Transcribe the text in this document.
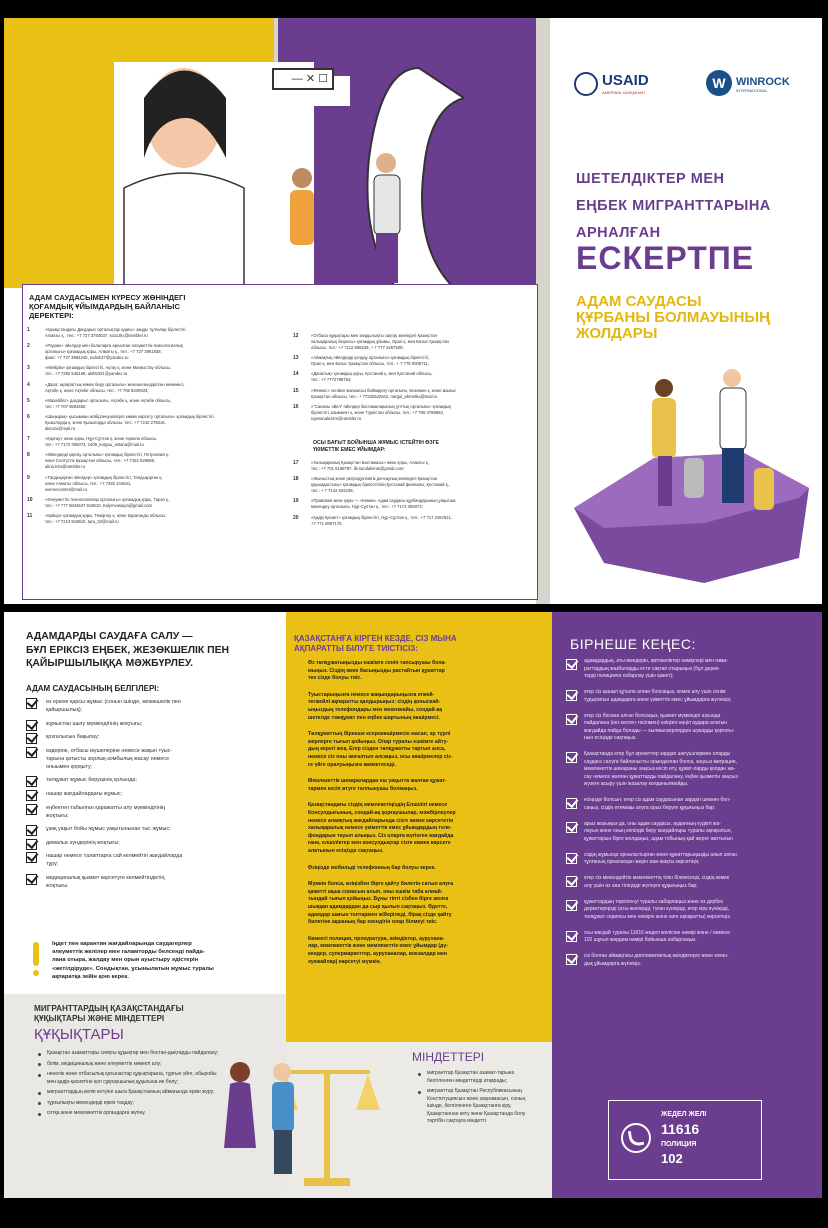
— ✕ ☐	USAID
АМЕРИКА ХАЛҚЫНАН
W WINROCK
INTERNATIONAL
ШЕТЕЛДІКТЕР МЕН
ЕҢБЕК МИГРАНТТАРЫНА
АРНАЛҒАН
ЕСКЕРТПЕ
АДАМ САУДАСЫ
ҚҰРБАНЫ БОЛМАУЫНЫҢ
ЖОЛДАРЫ
АДАМ САУДАСЫМЕН КҮРЕСУ ЖӨНІНДЕГІ
ҚОҒАМДЫҚ ҰЙЫМДАРДЫҢ БАЙЛАНЫС
ДЕРЕКТЕРІ:
1	«Қазақстандағы Дағдарыс орталықтар одағы» заңды тұлғалар бірлестігі.
Алматы қ., тел.: +7 727 3764037, sozuzkc@rambler.ru
2	«Родник» әйелдер мен балаларға арналған әлеуметтік-психологиялық
орталығы» қоғамдық қоры, Алматы қ., тел.: +7 727 3961938,
факс: +7 727 3964240, rodnik27@yandex.ru
3	«Мейірім» қоғамдық бірлестігі, Ақтау қ. және Маңғыстау облысы,
тел.: +7 7292 545168, alsh5331@yandex.ru
4	«Дара: ақпараттық көмек беру орталығы» жекешелендірілген мекемесі,
Ақтөбе қ. және Ақтөбе облысы, тел.: +7 705 8200933;
5	«Махаббат» дағдарыс орталығы, Ақтөбе қ. және Ақтөбе облысы,
тел.: +7 707 9863460;
6	«Шаңырақ» қысымнан жәбірленушілерге көмек көрсету орталығы» қоғамдық бірлестігі,
Қызылорда қ. және Қызылорда облысы, тел.: +7 7242 278316,
aksuzu@mail.ru
7	«Қорғау» жеке қоры, Нұр-Сұлтан қ. және Ақмола облысы,
тел.: +7 7172 306073, 1409_korgau_astana@mail.ru
8	«Әйелдерді қорғау орталығы» қоғамдық бірлестігі, Петропавл қ.
және Солтүстік Қазақстан облысы, тел.: +7 7152 529886,
alina.trim@rambler.ru
9	«Талдықорған әйелдер» қоғамдық бірлестігі, Талдықорған қ.
және Алматы облысы, тел.: +7 7282 244631,
womencenter@mail.ru
10	«Әлеуметтік технологиялар орталығы» қоғамдық қоры, Тараз қ.,
тел.: +7 777 6844647 919610, Kalymvasaiya@gmail.com
11	«Қайыр» қоғамдық қоры, Теміртау қ. және Қарағанды облысы,
тел.: +7 7213 919610, tara_32@mail.ru
12	«Отбасы құқықтары мен заңдылықты сақтау жөніндегі Қазақстан
халықаралық бюросы» қоғамдық ұйымы, Орал қ. мен Батыс Қазақстан
облысы, тел.: +7 7112 508229, + 7 777 2467500;
13	«Аймақтық әйелдерді қолдау орталығы» қоғамдық бірлестігі,
Орал қ. мен Батыс Қазақстан облысы, тел.: + 7 778 0008711;
14	«Даналық» қоғамдық қоры, Қостанай қ. мен Қостанай облысы,
тел.: +7 7772788754;
15	«Феникс» сенімге жағымсыз бейімделу орталығы, Өскемен қ. және Шығыс
Қазақстан облысы, тел.: + 77232522942, nargul_ahmetka@mail.ru
16	«"Саналы әйел" әйелдер бастамаларының ұлттық орталығы» қоғамдық
бірлестігі, Шымкент қ. және Түркістан облысы, тел.: +7 708 4789663,
ngosanaleszm@rambler.ru
ОСЫ БАҒЫТ БОЙЫНША ЖҰМЫС ІСТЕЙТІН ӨЗГЕ
ҮКІМЕТТІК ЕМЕС ҰЙЫМДАР:
17	«Халықаралық Қазақстан Бастамасы» жеке қоры, Алматы қ.,
тел.: +7 701 5168787, ilk.sundalients@gmail.com;
18	«Жыныстық және репродуктивтік денсаулық жөніндегі Қазақстан
қауымдастығы» қоғамдық бірлестігінің Қостанай филиалы, Қостанай қ.,
тел.: + 7 7142 532235;
19	«Правовая жеке қоры — «Кемек» Адам саудасы құрбандарының уақытша
мекендеу орталығы, Нұр-Сұлтан қ., тел.: +7 7172 306073;
20	«Қадір Қасиет» қоғамдық бірлестігі, Нұр-Сұлтан қ., тел.: +7 717 2457621,
+7 771 9997170.
АДАМДАРДЫ САУДАҒА САЛУ —
БҰЛ ЕРІКСІЗ ЕҢБЕК, ЖЕЗӨКШЕЛІК ПЕН
ҚАЙЫРШЫЛЫҚҚА МӘЖБҮРЛЕУ.
АДАМ САУДАСЫНЫҢ БЕЛГІЛЕРІ:
өз еркіне қарсы жұмыс (сонын ішінде, жезөкшелік пен
қайыршылық);
жұмыстан шығу мүмкіндігінің жоқтығы;
қозғалысын бақылау;
өздеріне, отбасы мүшелеріне немесе жақын туыс-
тарына қатысты зорлық-зомбылық жасау немесе
оныымен қорқыту;
төлқұжат жұмыс берушінің қолында;
нашар жағдайлардағы жұмыс;
еңбектен табылған қаражатты алу мүмкіндігінің
жоқтығы;
ұзақ уақыт бойы жұмыс уақытынынан тыс жұмыс;
демалыс күндерінің жоқтығы;
нашар немесе талаптарға сай келмейтін жағдайларда
тұру;
медициналық қызмет көрсетуге келмейтіндіктің
жоқтығы.
Іңдет пен карантин жағдайларында саудагерлер
әлеуметтік желілер мен галамторды белсенді пайда-
лана отыра, жалдау мен орын ауыстыру әдістерін
«жетілдіруде». Сондықтан, ұсынылатын жұмыс туралы
ақпаратқа зейін қою керек.
МИГРАНТТАРДЫҢ ҚАЗАҚСТАНДАҒЫ
ҚҰҚЫҚТАРЫ ЖӘНЕ МІНДЕТТЕРІ
ҚҰҚЫҚТАРЫ
Қазақстан азаматтары сияқты құқықтар мен бостан-дықтарды пайдалану;
білім, медициналық және әлеуметтік көмекті алу;
ненелік және отбасылық қатынастар құқықтарына, тұрғын үйге, абыройы мен қадір-қасиетіне қол сұқпаушылық құқығына ие болу;
мигранттардың келіп кетуіне шыға Қазақстанның аймағында еркін жүру;
тұрғылықты мекендерді еркін таңдау;
сотқа және мемлекеттік органдарға жүгіну.
ҚАЗАҚСТАНҒА КІРГЕН КЕЗДЕ, СІЗ МЫНА
АҚПАРАТТЫ БІЛУГЕ ТИІСТІСІЗ:
Өз төлқұжатыңызды ешкімге сеніп тапсырушы бола-
мыңыз. Сіздің жеке басыңызды растайтын құжаттар
тек сізде болуы тиіс.
Туыстарыңызға немесе жақындарыңызға егжей-
тегжейлі ақпаратты қалдырыңыз: сіздің қоныскай-
ыңыздың телефондары мен мекенжайы, сондай-ақ
шетелде тәжқұжат пен еңбек шартының көшірмесі.
Төлқұжаттың бірнеше ксерокөшірмесін жасап, әр түрлі
жерлерге тығып қойыңыз. Олар туралы ешкімге айту-
дың керегі жоқ. Егер сізден төлқұжатты тартып алса,
немесе сіз оны жоғалтып алсаңыз, осы көшірмелер сіз-
ге үйге оралуыңызға көмектеседі.
Мемлекеттік шекаралардан еш уақытта жалған құжат-
тармен кесіп өтуге талпынушы болмаңыз.
Қазақстандағы сіздің мемлекетіңіздің Елшілігі немесе
Консулдығының, сондай-ақ қорғаушылар, мәжбірлеулер
немесе алаяқтық жағдайларында сізге көмек көрсететін
халықаралық немесе үкіметтік емес ұйымдардың теле-
фондарын тауып алыңыз. Сіз оларға жүгінген жағдайда
ғана, елшіліктер мен консулдықтар сізге көмек көрсете
алатынын есіңізде сақтаңыз.
Өзіңізде мобильді телефонның бар болуы керек.
Мүмкін болса, өзіңізбен бірге қайту билетін сатып алуға
қажетті ақша сомасын алып, оны ешкім таба алмай-
тындай тығып қойыңыз. Бұны тіпті сізбен бірге жолға
шыққан адамдардан да сыр қылып сақтаңыз. Әдетте,
адамдар шағын топтармен жіберіледі, бірақ сізде қайту
билетіне ақшаның бар екендігін олар білмеуі тиіс.
Көмекті полиция, прокуратура, әкімдіктер, аурухана-
лар, мемлекеттік және мемлекеттік емес ұйымдар (дү-
кендер, супермаркеттер, ауруханалар, вокзалдар мен
әуежайлар) көрсетуі мүмкін.
МІНДЕТТЕРІ
мигранттар Қазақстан азамат-тарына белгіленген міндеттерді атқарады;
мигранттар Қазақстан Республикасының Конституциясын және заңнамасын, соның ішінде, белгіленген Қазақстанға кіру, Қазақстаннан кету және Қазақстанда болу тәртібін сақтауға міндетті.
БІРНЕШЕ КЕҢЕС:
адамдардың, аты-жөндерін, автокөліктер нөмірлері мен ғима-
раттардың жазбаларды есте сақтап отырыңыз (бұл дерек-
терді полицияға хабарлау үшін қажет);
егер сіз қашып құтыла алған болсаңыз, кемек алу үшін сенім
тудыратын адамдарға және үкіметтік емес ұйымдарға жүгініңіз;
егер сіз босана алған болсаңыз, қызмет мүмкіндігі шуында
пайдалана (кез келген тәсілмен) өзіңізге көңіл аудара алатын
жағдайда пайда болады — кылмыскерлерден шукарды қорғаты-
нын есіңізде сақтаңыз.
Қазақстанда егер бұл әрекеттер зардап шегушілермен оларды
саудаға салуға байланысты орындалған болса, заңсыз миграция,
мемлекеттік шекараны заңсыз кесіп өту, құжат-ларды қолдан жа-
сау немесе жалған құжаттарды пайдалану, еңбек қызметін заңсыз
жүзеге асыру үшін жазалау колданылмайды.
есіңізде болсын: егер сіз адам саудасынан зардап шеккен бол-
саңыз, сіздің өтемақы алуға арыз беруге құқығыңыз бар;
арыз жазыңыз да, оны адам саудасы, ауданның күдікті жа-
лауын және оның кепілдік беру жағдайлары туралы ақпаратын,
құжаттарын бірге жолдаңыз, адам тобының қай жерге жаттығын
сіздің жұмысқа орналастырған және құжаттарыңызды алып алған
тұлғаның орналасқан жерін жан-жақты көрсетіңіз;
егер сіз мекендейтін мемлекеттің тілін білмесеңіз, сіздің көмек
алу үшін өз ана тіліңізде жүгінуге құқығыңыз бар;
құжаттардың тәркіленуі туралы хабарлаңыз және өз дербес
деректеріңізді (аты-жөніңізді, туған күніңізді, егер кіру күніңізді,
төлқұжат сериясы мен нөмірін және өзге ақпаратты) көрсетіңіз.
осы жағдай туралы 11616 жедел желісіне нөмірі және / немесе
102 шұғыл жәрдем нөмірі бойынша хабарлаңыз.
сіз болған аймақтағы дипломатиялық өкілдіктерге және коған-
дық ұйымдарға жүгініңіз.
ЖЕДЕЛ ЖЕЛІ
11616
ПОЛИЦИЯ
102
